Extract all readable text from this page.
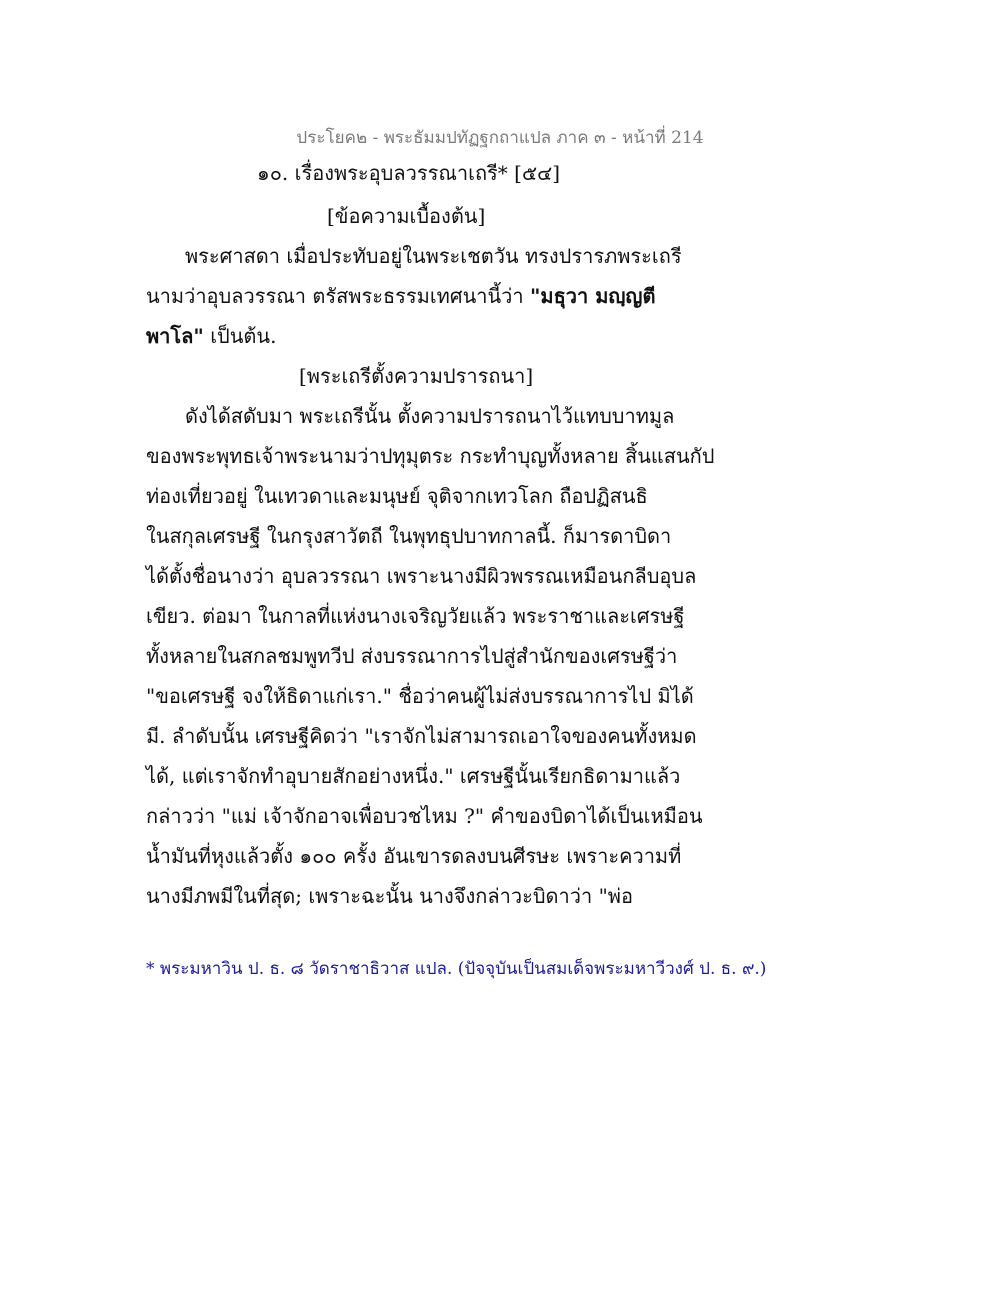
ประโยค๒ - พระธัมมปทัฏฐกถาแปล ภาค ๓ - หน้าที่ 214
๑๐. เรื่องพระอุบลวรรณาเถรี* [๕๔]
[ข้อความเบื้องต้น]
พระศาสดา เมื่อประทับอยู่ในพระเชตวัน ทรงปรารภพระเถรี
นามว่าอุบลวรรณา ตรัสพระธรรมเทศนานี้ว่า "มธุวา มญฺญตี
พาโล" เป็นต้น.
[พระเถรีตั้งความปรารถนา]
ดังได้สดับมา พระเถรีนั้น ตั้งความปรารถนาไว้แทบบาทมูล
ของพระพุทธเจ้าพระนามว่าปทุมุตระ กระทำบุญทั้งหลาย สิ้นแสนกัป
ท่องเที่ยวอยู่ ในเทวดาและมนุษย์ จุติจากเทวโลก ถือปฏิสนธิ
ในสกุลเศรษฐี ในกรุงสาวัตถี ในพุทธุปบาทกาลนี้. ก็มารดาบิดา
ได้ตั้งชื่อนางว่า อุบลวรรณา เพราะนางมีผิวพรรณเหมือนกลีบอุบล
เขียว. ต่อมา ในกาลที่แห่งนางเจริญวัยแล้ว พระราชาและเศรษฐี
ทั้งหลายในสกลชมพูทวีป ส่งบรรณาการไปสู่สำนักของเศรษฐีว่า
"ขอเศรษฐี จงให้ธิดาแก่เรา." ชื่อว่าคนผู้ไม่ส่งบรรณาการไป มิได้
มี. ลำดับนั้น เศรษฐีคิดว่า "เราจักไม่สามารถเอาใจของคนทั้งหมด
ได้, แต่เราจักทำอุบายสักอย่างหนึ่ง." เศรษฐีนั้นเรียกธิดามาแล้ว
กล่าวว่า "แม่ เจ้าจักอาจเพื่อบวชไหม ?" คำของบิดาได้เป็นเหมือน
น้ำมันที่หุงแล้วตั้ง ๑๐๐ ครั้ง อันเขารดลงบนศีรษะ เพราะความที่
นางมีภพมีในที่สุด; เพราะฉะนั้น นางจึงกล่าวะบิดาว่า "พ่อ
* พระมหาวิน ป. ธ. ๘ วัดราชาธิวาส แปล. (ปัจจุบันเป็นสมเด็จพระมหาวีวงศ์ ป. ธ. ๙.)
